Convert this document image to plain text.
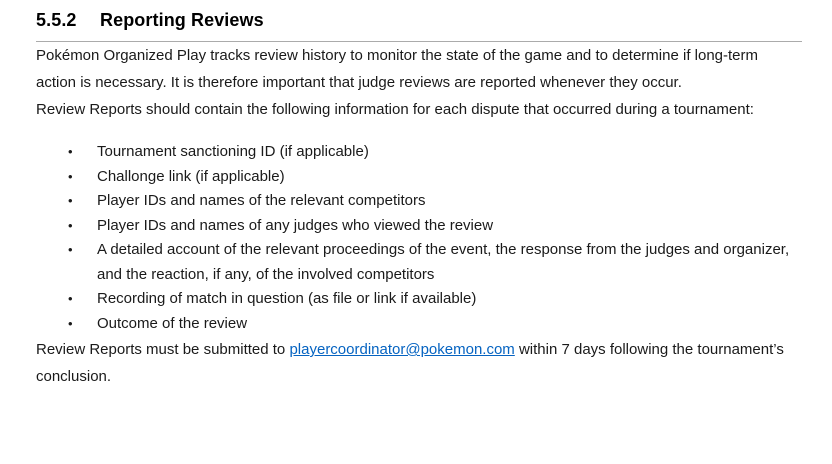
5.5.2 Reporting Reviews

Pokémon Organized Play tracks review history to monitor the state of the game and to determine if long-term action is necessary. It is therefore important that judge reviews are reported whenever they occur.

Review Reports should contain the following information for each dispute that occurred during a tournament:

•	Tournament sanctioning ID (if applicable)
•	Challonge link (if applicable)
•	Player IDs and names of the relevant competitors
•	Player IDs and names of any judges who viewed the review
•	A detailed account of the relevant proceedings of the event, the response from the judges and organizer, and the reaction, if any, of the involved competitors
•	Recording of match in question (as file or link if available)
•	Outcome of the review

Review Reports must be submitted to playercoordinator@pokemon.com within 7 days following the tournament’s conclusion.
